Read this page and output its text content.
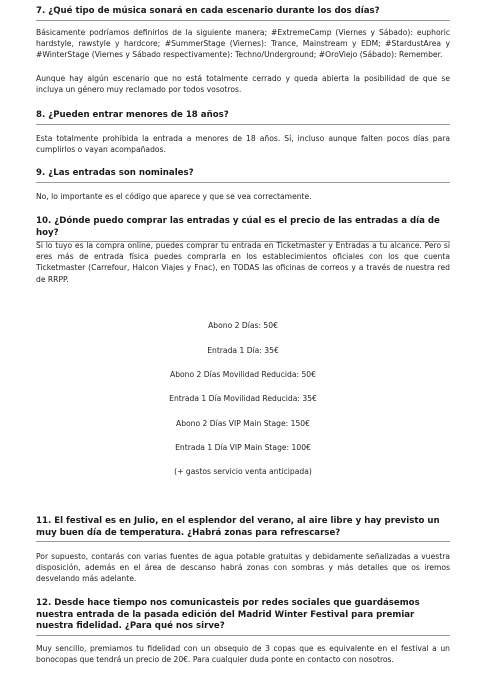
7. ¿Qué tipo de música sonará en cada escenario durante los dos días?

Básicamente podríamos definirlos de la siguiente manera; #ExtremeCamp (Viernes y Sábado): euphoric hardstyle, rawstyle y hardcore; #SummerStage (Viernes): Trance, Mainstream y EDM; #StardustArea y #WinterStage (Viernes y Sábado respectivamente): Techno/Underground; #OroViejo (Sábado): Remember.

Aunque hay algún escenario que no está totalmente cerrado y queda abierta la posibilidad de que se incluya un género muy reclamado por todos vosotros.

8. ¿Pueden entrar menores de 18 años?

Esta totalmente prohibida la entrada a menores de 18 años. Sí, incluso aunque falten pocos días para cumplirlos o vayan acompañados.

9. ¿Las entradas son nominales?

No, lo importante es el código que aparece y que se vea correctamente.

10. ¿Dónde puedo comprar las entradas y cúal es el precio de las entradas a día de hoy?

Si lo tuyo es la compra online, puedes comprar tu entrada en Ticketmaster y Entradas a tu alcance. Pero si eres más de entrada física puedes comprarla en los establecimientos oficiales con los que cuenta Ticketmaster (Carrefour, Halcon Viajes y Fnac), en TODAS las oficinas de correos y a través de nuestra red de RRPP.

Abono 2 Días: 50€
Entrada 1 Día: 35€
Abono 2 Días Movilidad Reducida: 50€
Entrada 1 Día Movilidad Reducida: 35€
Abono 2 Días VIP Main Stage: 150€
Entrada 1 Día VIP Main Stage: 100€
(+ gastos servicio venta anticipada)

11. El festival es en Julio, en el esplendor del verano, al aire libre y hay previsto un muy buen día de temperatura. ¿Habrá zonas para refrescarse?

Por supuesto, contarás con varias fuentes de agua potable gratuitas y debidamente señalizadas a vuestra disposición, además en el área de descanso habrá zonas con sombras y más detalles que os iremos desvelando más adelante.

12. Desde hace tiempo nos comunicasteis por redes sociales que guardásemos nuestra entrada de la pasada edición del Madrid Winter Festival para premiar nuestra fidelidad. ¿Para qué nos sirve?

Muy sencillo, premiamos tu fidelidad con un obsequio de 3 copas que es equivalente en el festival a un bonocopas que tendrá un precio de 20€. Para cualquier duda ponte en contacto con nosotros.
